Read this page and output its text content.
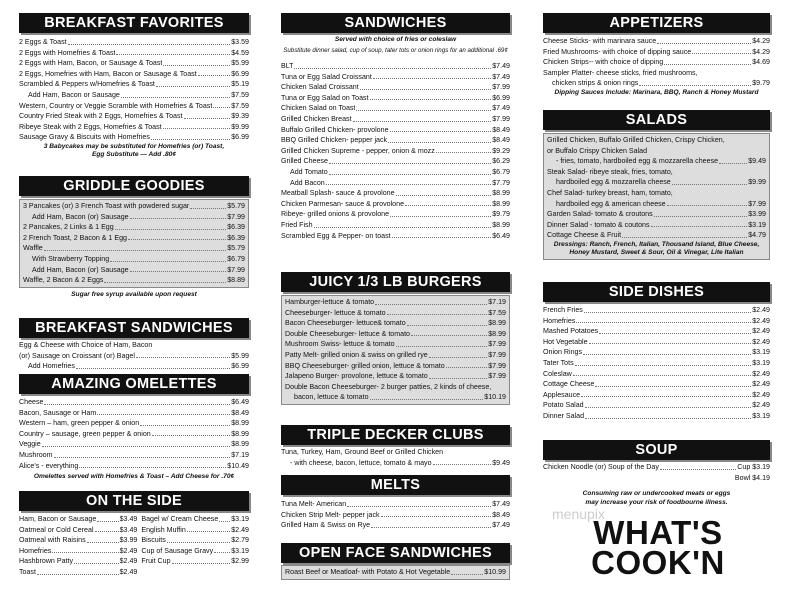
BREAKFAST FAVORITES
2 Eggs & Toast	$3.59
2 Eggs with Homefries & Toast	$4.59
2 Eggs with Ham, Bacon, or Sausage & Toast	$5.99
2 Eggs, Homefries with Ham, Bacon or Sausage & Toast	$6.99
Scrambled & Peppers w/Homefries & Toast	$5.19
Add Ham, Bacon or Sausage	$7.59
Western, Country or Veggie Scramble with Homefries & Toast	$7.59
Country Fried Steak with 2 Eggs, Homefries & Toast	$9.39
Ribeye Steak with 2 Eggs, Homefries & Toast	$9.99
Sausage Gravy & Biscuits with Homefries	$6.99
3 Babycakes may be substituted for Homefries (or) Toast,
Egg Substitute — Add .80¢
GRIDDLE GOODIES
3 Pancakes (or) 3 French Toast with powdered sugar	$5.79
Add Ham, Bacon (or) Sausage	$7.99
2 Pancakes, 2 Links & 1 Egg	$6.39
2 French Toast, 2 Bacon & 1 Egg	$6.39
Waffle	$5.79
With Strawberry Topping	$6.79
Add Ham, Bacon (or) Sausage	$7.99
Waffle, 2 Bacon & 2 Eggs	$8.89
Sugar free syrup available upon request
BREAKFAST SANDWICHES
Egg & Cheese with Choice of Ham, Bacon
(or) Sausage on Croissant (or) Bagel	$5.99
Add Homefries	$6.99
AMAZING OMELETTES
Cheese	$6.49
Bacon, Sausage or Ham	$8.49
Western – ham, green pepper & onion	$8.99
Country – sausage, green pepper & onion	$8.99
Veggie	$8.99
Mushroom	$7.19
Alice's - everything	$10.49
Omelettes served with Homefries & Toast – Add Cheese for .70¢
ON THE SIDE
Ham, Bacon or Sausage	$3.49
Oatmeal or Cold Cereal	$3.49
Oatmeal with Raisins	$3.99
Homefries	$2.49
Hashbrown Patty	$2.49
Toast	$2.49
Bagel w/ Cream Cheese $3.19
English Muffin	$2.49
Biscuits	$2.79
Cup of Sausage Gravy	$3.19
Fruit Cup	$2.99
SANDWICHES
Served with choice of fries or coleslaw
Substitute dinner salad, cup of soup, tater tots or onion rings for an additional .69¢
BLT	$7.49
Tuna or Egg Salad Croissant	$7.49
Chicken Salad Croissant	$7.99
Tuna or Egg Salad on Toast	$6.99
Chicken Salad on Toast	$7.49
Grilled Chicken Breast	$7.99
Buffalo Grilled Chicken- provolone	$8.49
BBQ Grilled Chicken- pepper jack	$8.49
Grilled Chicken Supreme - pepper, onion & mozz	$9.29
Grilled Cheese	$6.29
Add Tomato	$6.79
Add Bacon	$7.79
Meatball Splash- sauce & provolone	$8.99
Chicken Parmesan- sauce & provolone	$8.99
Ribeye- grilled onions & provolone	$9.79
Fried Fish	$8.99
Scrambled Egg & Pepper- on toast	$6.49
JUICY 1/3 LB BURGERS
Hamburger-lettuce & tomato	$7.19
Cheeseburger- lettuce & tomato	$7.59
Bacon Cheeseburger- lettuce& tomato	$8.99
Double Cheeseburger- lettuce & tomato	$8.99
Mushroom Swiss- lettuce & tomato	$7.99
Patty Melt- grilled onion & swiss on grilled rye	$7.99
BBQ Cheeseburger- grilled onion, lettuce & tomato	$7.99
Jalapeno Burger- provolone, lettuce & tomato	$7.99
Double Bacon Cheeseburger- 2 burger patties, 2 kinds of cheese,
bacon, lettuce & tomato	$10.19
TRIPLE DECKER CLUBS
Tuna, Turkey, Ham, Ground Beef or Grilled Chicken
- with cheese, bacon, lettuce, tomato & mayo	$9.49
MELTS
Tuna Melt- American	$7.49
Chicken Strip Melt- pepper jack	$8.49
Grilled Ham & Swiss on Rye	$7.49
OPEN FACE SANDWICHES
Roast Beef or Meatloaf- with Potato & Hot Vegetable	$10.99
APPETIZERS
Cheese Sticks- with marinara sauce	$4.29
Fried Mushrooms- with choice of dipping sauce	$4.29
Chicken Strips-- with choice of dipping	$4.69
Sampler Platter- cheese sticks, fried mushrooms,
chicken strips & onion rings	$9.79
Dipping Sauces Include: Marinara, BBQ, Ranch & Honey Mustard
SALADS
Grilled Chicken, Buffalo Grilled Chicken, Crispy Chicken,
or Buffalo Crispy Chicken Salad
- fries, tomato, hardboiled egg & mozzarella cheese	$9.49
Steak Salad- ribeye steak, fries, tomato,
hardboiled egg & mozzarella cheese	$9.99
Chef Salad- turkey breast, ham, tomato,
hardboiled egg & american cheese	$7.99
Garden Salad- tomato & croutons	$3.99
Dinner Salad - tomato & coutons	$3.19
Cottage Cheese & Fruit	$4.79
Dressings: Ranch, French, Italian, Thousand Island, Blue Cheese,
Honey Mustard, Sweet & Sour, Oil & Vinegar, Lite Italian
SIDE DISHES
French Fries	$2.49
Homefries	$2.49
Mashed Potatoes	$2.49
Hot Vegetable	$2.49
Onion Rings	$3.19
Tater Tots	$3.19
Coleslaw	$2.49
Cottage Cheese	$2.49
Applesauce	$2.49
Potato Salad	$2.49
Dinner Salad	$3.19
SOUP
Chicken Noodle (or) Soup of the Day	Cup $3.19
Bowl $4.19
Consuming raw or undercooked meats or eggs
may increase your risk of foodbourne illness.
menupix
WHAT'S
COOK'N
